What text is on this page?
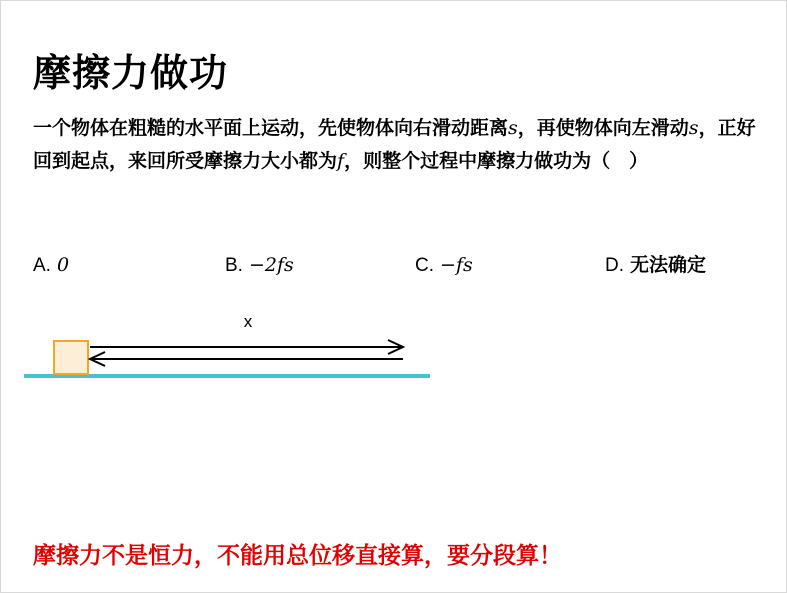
摩擦力做功
一个物体在粗糙的水平面上运动，先使物体向右滑动距离s，再使物体向左滑动s，正好回到起点，来回所受摩擦力大小都为f，则整个过程中摩擦力做功为（　）
A. 0	B. −2fs	C. −fs	D. 无法确定
x
摩擦力不是恒力，不能用总位移直接算，要分段算！
